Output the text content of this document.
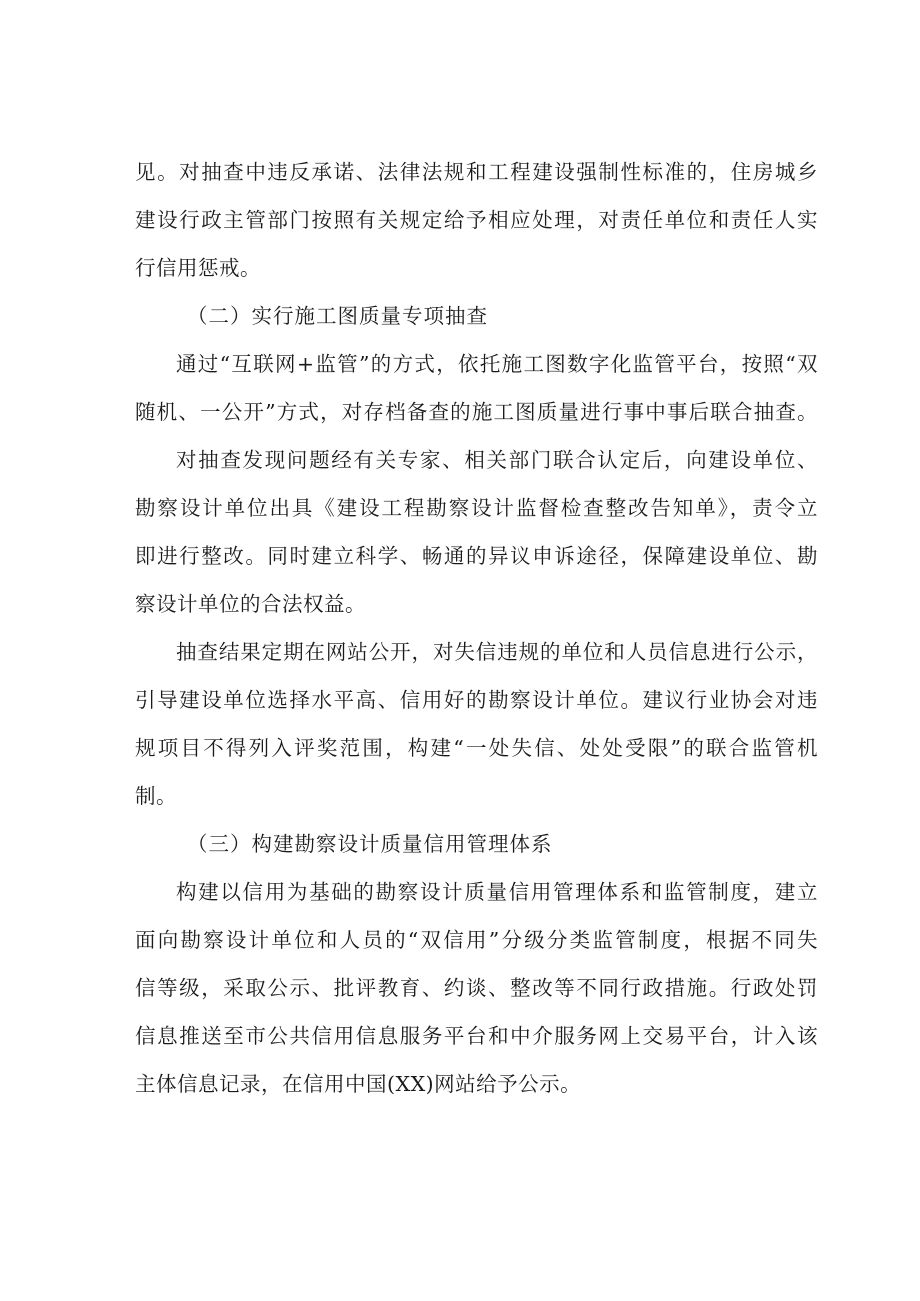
见。对抽查中违反承诺、法律法规和工程建设强制性标准的，住房城乡
建设行政主管部门按照有关规定给予相应处理，对责任单位和责任人实
行信用惩戒。
（二）实行施工图质量专项抽查
通过“互联网+监管”的方式，依托施工图数字化监管平台，按照“双
随机、一公开”方式，对存档备查的施工图质量进行事中事后联合抽查。
对抽查发现问题经有关专家、相关部门联合认定后，向建设单位、
勘察设计单位出具《建设工程勘察设计监督检查整改告知单》，责令立
即进行整改。同时建立科学、畅通的异议申诉途径，保障建设单位、勘
察设计单位的合法权益。
抽查结果定期在网站公开，对失信违规的单位和人员信息进行公示，
引导建设单位选择水平高、信用好的勘察设计单位。建议行业协会对违
规项目不得列入评奖范围，构建“一处失信、处处受限”的联合监管机
制。
（三）构建勘察设计质量信用管理体系
构建以信用为基础的勘察设计质量信用管理体系和监管制度，建立
面向勘察设计单位和人员的“双信用”分级分类监管制度，根据不同失
信等级，采取公示、批评教育、约谈、整改等不同行政措施。行政处罚
信息推送至市公共信用信息服务平台和中介服务网上交易平台，计入该
主体信息记录，在信用中国(XX)网站给予公示。
